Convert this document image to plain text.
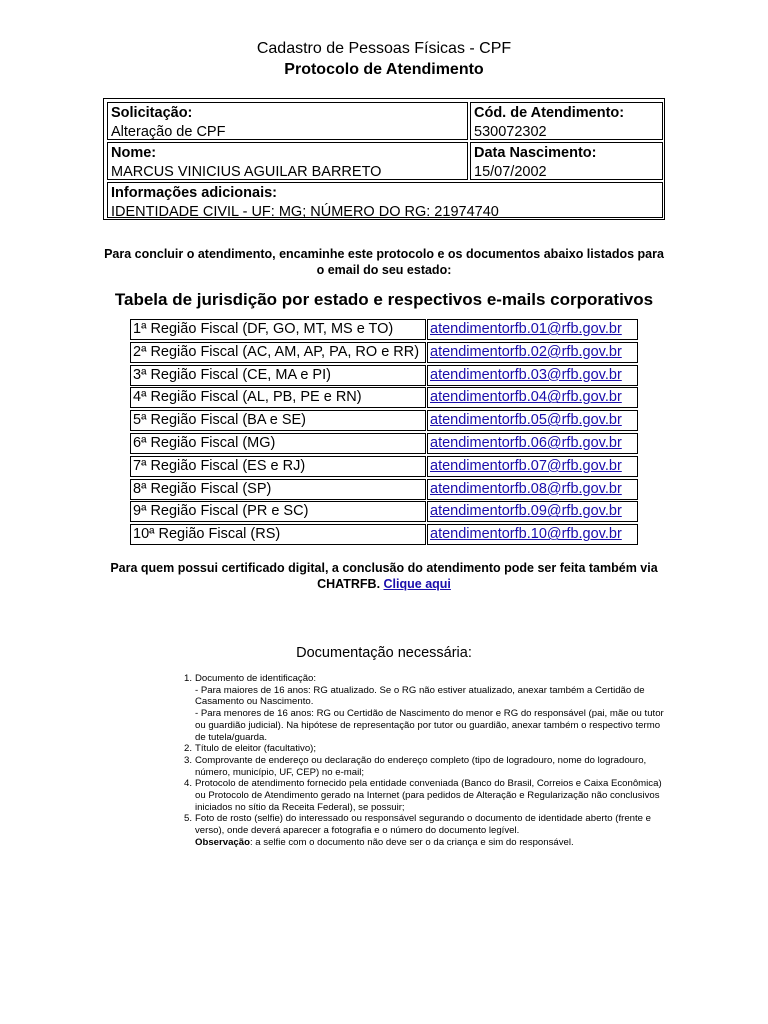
Cadastro de Pessoas Físicas - CPF
Protocolo de Atendimento
Solicitação:
Alteração de CPF
Cód. de Atendimento:
530072302
Nome:
MARCUS VINICIUS AGUILAR BARRETO
Data Nascimento:
15/07/2002
Informações adicionais:
IDENTIDADE CIVIL - UF: MG; NÚMERO DO RG: 21974740
Para concluir o atendimento, encaminhe este protocolo e os documentos abaixo listados para o email do seu estado:
Tabela de jurisdição por estado e respectivos e-mails corporativos
1ª Região Fiscal (DF, GO, MT, MS e TO)	atendimentorfb.01@rfb.gov.br
2ª Região Fiscal (AC, AM, AP, PA, RO e RR) atendimentorfb.02@rfb.gov.br
3ª Região Fiscal (CE, MA e PI)	atendimentorfb.03@rfb.gov.br
4ª Região Fiscal (AL, PB, PE e RN)	atendimentorfb.04@rfb.gov.br
5ª Região Fiscal (BA e SE)	atendimentorfb.05@rfb.gov.br
6ª Região Fiscal (MG)	atendimentorfb.06@rfb.gov.br
7ª Região Fiscal (ES e RJ)	atendimentorfb.07@rfb.gov.br
8ª Região Fiscal (SP)	atendimentorfb.08@rfb.gov.br
9ª Região Fiscal (PR e SC)	atendimentorfb.09@rfb.gov.br
10ª Região Fiscal (RS)	atendimentorfb.10@rfb.gov.br
Para quem possui certificado digital, a conclusão do atendimento pode ser feita também via CHATRFB. Clique aqui
Documentação necessária:
1. Documento de identificação:
- Para maiores de 16 anos: RG atualizado. Se o RG não estiver atualizado, anexar também a Certidão de Casamento ou Nascimento.
- Para menores de 16 anos: RG ou Certidão de Nascimento do menor e RG do responsável (pai, mãe ou tutor ou guardião judicial). Na hipótese de representação por tutor ou guardião, anexar também o respectivo termo de tutela/guarda.
2. Título de eleitor (facultativo);
3. Comprovante de endereço ou declaração do endereço completo (tipo de logradouro, nome do logradouro, número, município, UF, CEP) no e-mail;
4. Protocolo de atendimento fornecido pela entidade conveniada (Banco do Brasil, Correios e Caixa Econômica) ou Protocolo de Atendimento gerado na Internet (para pedidos de Alteração e Regularização não conclusivos iniciados no sítio da Receita Federal), se possuir;
5. Foto de rosto (selfie) do interessado ou responsável segurando o documento de identidade aberto (frente e verso), onde deverá aparecer a fotografia e o número do documento legível.
Observação: a selfie com o documento não deve ser o da criança e sim do responsável.
